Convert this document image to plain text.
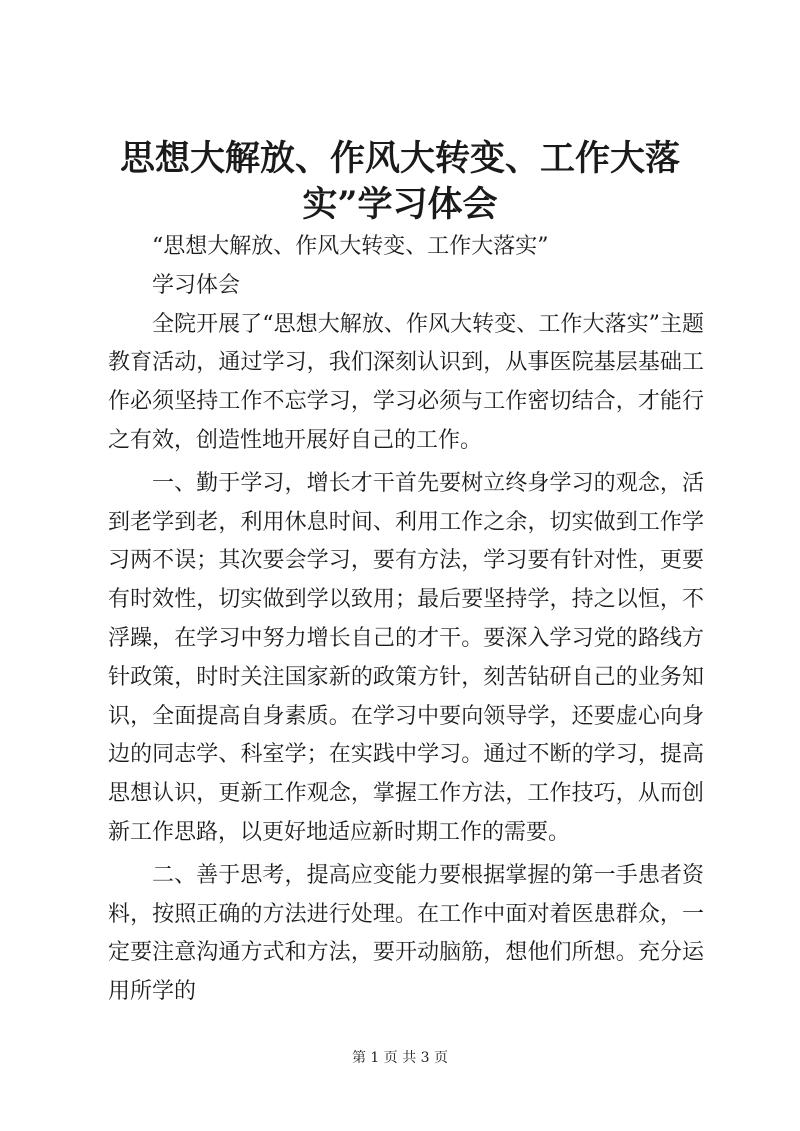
思想大解放、作风大转变、工作大落实”学习体会

“思想大解放、作风大转变、工作大落实”

学习体会

全院开展了“思想大解放、作风大转变、工作大落实”主题教育活动，通过学习，我们深刻认识到，从事医院基层基础工作必须坚持工作不忘学习，学习必须与工作密切结合，才能行之有效，创造性地开展好自己的工作。

一、勤于学习，增长才干首先要树立终身学习的观念，活到老学到老，利用休息时间、利用工作之余，切实做到工作学习两不误；其次要会学习，要有方法，学习要有针对性，更要有时效性，切实做到学以致用；最后要坚持学，持之以恒，不浮躁，在学习中努力增长自己的才干。要深入学习党的路线方针政策，时时关注国家新的政策方针，刻苦钻研自己的业务知识，全面提高自身素质。在学习中要向领导学，还要虚心向身边的同志学、科室学；在实践中学习。通过不断的学习，提高思想认识，更新工作观念，掌握工作方法，工作技巧，从而创新工作思路，以更好地适应新时期工作的需要。

二、善于思考，提高应变能力要根据掌握的第一手患者资料，按照正确的方法进行处理。在工作中面对着医患群众，一定要注意沟通方式和方法，要开动脑筋，想他们所想。充分运用所学的

第 1 页 共 3 页
